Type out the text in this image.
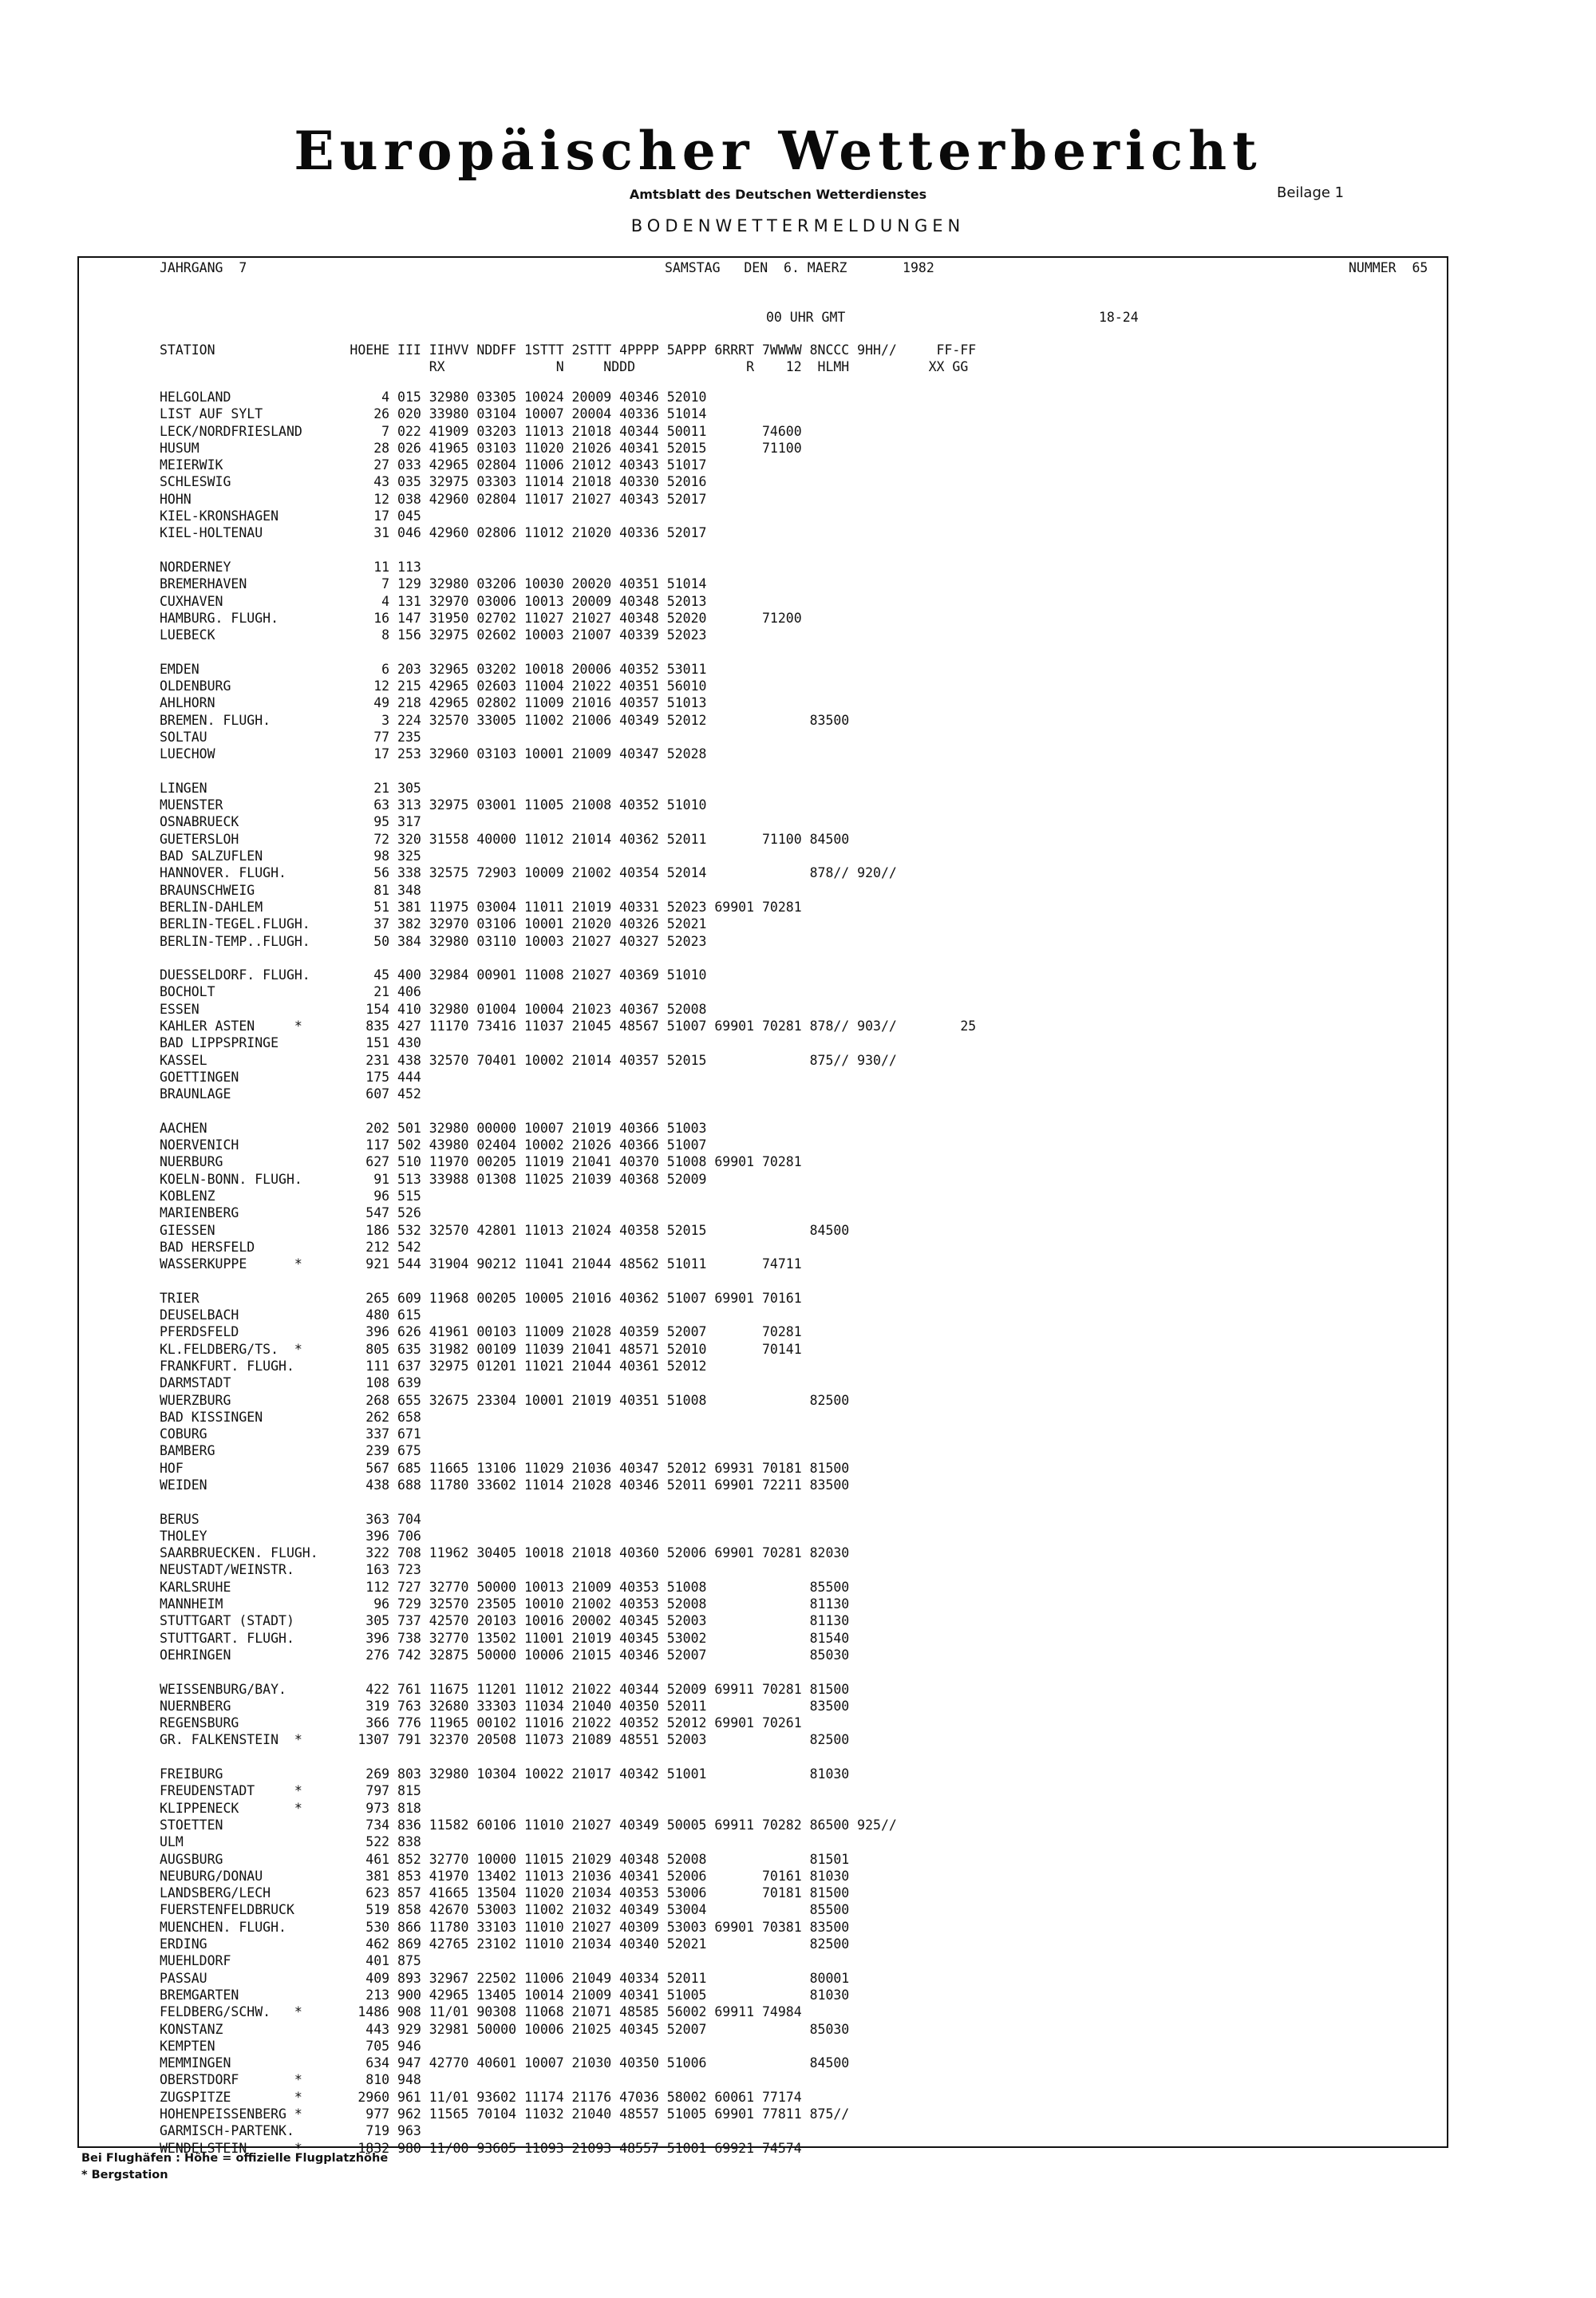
Europäischer Wetterbericht
Amtsblatt des Deutschen Wetterdienstes	Beilage 1
BODENWETTERMELDUNGEN
JAHRGANG  7	SAMSTAG   DEN  6. MAERZ       1982	NUMMER  65
00 UHR GMT	18-24
STATION                 HOEHE III IIHVV NDDFF 1STTT 2STTT 4PPPP 5APPP 6RRRT 7WWWW 8NCCC 9HH//     FF-FF
RX              N     NDDD              R    12  HLMH          XX GG
HELGOLAND                   4 015 32980 03305 10024 20009 40346 52010
LIST AUF SYLT              26 020 33980 03104 10007 20004 40336 51014
LECK/NORDFRIESLAND          7 022 41909 03203 11013 21018 40344 50011       74600
HUSUM                      28 026 41965 03103 11020 21026 40341 52015       71100
MEIERWIK                   27 033 42965 02804 11006 21012 40343 51017
SCHLESWIG                  43 035 32975 03303 11014 21018 40330 52016
HOHN                       12 038 42960 02804 11017 21027 40343 52017
KIEL-KRONSHAGEN            17 045
KIEL-HOLTENAU              31 046 42960 02806 11012 21020 40336 52017
NORDERNEY                  11 113
BREMERHAVEN                 7 129 32980 03206 10030 20020 40351 51014
CUXHAVEN                    4 131 32970 03006 10013 20009 40348 52013
HAMBURG. FLUGH.            16 147 31950 02702 11027 21027 40348 52020       71200
LUEBECK                     8 156 32975 02602 10003 21007 40339 52023
EMDEN                       6 203 32965 03202 10018 20006 40352 53011
OLDENBURG                  12 215 42965 02603 11004 21022 40351 56010
AHLHORN                    49 218 42965 02802 11009 21016 40357 51013
BREMEN. FLUGH.              3 224 32570 33005 11002 21006 40349 52012             83500
SOLTAU                     77 235
LUECHOW                    17 253 32960 03103 10001 21009 40347 52028
LINGEN                     21 305
MUENSTER                   63 313 32975 03001 11005 21008 40352 51010
OSNABRUECK                 95 317
GUETERSLOH                 72 320 31558 40000 11012 21014 40362 52011       71100 84500
BAD SALZUFLEN              98 325
HANNOVER. FLUGH.           56 338 32575 72903 10009 21002 40354 52014             878// 920//
BRAUNSCHWEIG               81 348
BERLIN-DAHLEM              51 381 11975 03004 11011 21019 40331 52023 69901 70281
BERLIN-TEGEL.FLUGH.        37 382 32970 03106 10001 21020 40326 52021
BERLIN-TEMP..FLUGH.        50 384 32980 03110 10003 21027 40327 52023
DUESSELDORF. FLUGH.        45 400 32984 00901 11008 21027 40369 51010
BOCHOLT                    21 406
ESSEN                     154 410 32980 01004 10004 21023 40367 52008
KAHLER ASTEN     *        835 427 11170 73416 11037 21045 48567 51007 69901 70281 878// 903//        25
BAD LIPPSPRINGE           151 430
KASSEL                    231 438 32570 70401 10002 21014 40357 52015             875// 930//
GOETTINGEN                175 444
BRAUNLAGE                 607 452
AACHEN                    202 501 32980 00000 10007 21019 40366 51003
NOERVENICH                117 502 43980 02404 10002 21026 40366 51007
NUERBURG                  627 510 11970 00205 11019 21041 40370 51008 69901 70281
KOELN-BONN. FLUGH.         91 513 33988 01308 11025 21039 40368 52009
KOBLENZ                    96 515
MARIENBERG                547 526
GIESSEN                   186 532 32570 42801 11013 21024 40358 52015             84500
BAD HERSFELD              212 542
WASSERKUPPE      *        921 544 31904 90212 11041 21044 48562 51011       74711
TRIER                     265 609 11968 00205 10005 21016 40362 51007 69901 70161
DEUSELBACH                480 615
PFERDSFELD                396 626 41961 00103 11009 21028 40359 52007       70281
KL.FELDBERG/TS.  *        805 635 31982 00109 11039 21041 48571 52010       70141
FRANKFURT. FLUGH.         111 637 32975 01201 11021 21044 40361 52012
DARMSTADT                 108 639
WUERZBURG                 268 655 32675 23304 10001 21019 40351 51008             82500
BAD KISSINGEN             262 658
COBURG                    337 671
BAMBERG                   239 675
HOF                       567 685 11665 13106 11029 21036 40347 52012 69931 70181 81500
WEIDEN                    438 688 11780 33602 11014 21028 40346 52011 69901 72211 83500
BERUS                     363 704
THOLEY                    396 706
SAARBRUECKEN. FLUGH.      322 708 11962 30405 10018 21018 40360 52006 69901 70281 82030
NEUSTADT/WEINSTR.         163 723
KARLSRUHE                 112 727 32770 50000 10013 21009 40353 51008             85500
MANNHEIM                   96 729 32570 23505 10010 21002 40353 52008             81130
STUTTGART (STADT)         305 737 42570 20103 10016 20002 40345 52003             81130
STUTTGART. FLUGH.         396 738 32770 13502 11001 21019 40345 53002             81540
OEHRINGEN                 276 742 32875 50000 10006 21015 40346 52007             85030
WEISSENBURG/BAY.          422 761 11675 11201 11012 21022 40344 52009 69911 70281 81500
NUERNBERG                 319 763 32680 33303 11034 21040 40350 52011             83500
REGENSBURG                366 776 11965 00102 11016 21022 40352 52012 69901 70261
GR. FALKENSTEIN  *       1307 791 32370 20508 11073 21089 48551 52003             82500
FREIBURG                  269 803 32980 10304 10022 21017 40342 51001             81030
FREUDENSTADT     *        797 815
KLIPPENECK       *        973 818
STOETTEN                  734 836 11582 60106 11010 21027 40349 50005 69911 70282 86500 925//
ULM                       522 838
AUGSBURG                  461 852 32770 10000 11015 21029 40348 52008             81501
NEUBURG/DONAU             381 853 41970 13402 11013 21036 40341 52006       70161 81030
LANDSBERG/LECH            623 857 41665 13504 11020 21034 40353 53006       70181 81500
FUERSTENFELDBRUCK         519 858 42670 53003 11002 21032 40349 53004             85500
MUENCHEN. FLUGH.          530 866 11780 33103 11010 21027 40309 53003 69901 70381 83500
ERDING                    462 869 42765 23102 11010 21034 40340 52021             82500
MUEHLDORF                 401 875
PASSAU                    409 893 32967 22502 11006 21049 40334 52011             80001
BREMGARTEN                213 900 42965 13405 10014 21009 40341 51005             81030
FELDBERG/SCHW.   *       1486 908 11/01 90308 11068 21071 48585 56002 69911 74984
KONSTANZ                  443 929 32981 50000 10006 21025 40345 52007             85030
KEMPTEN                   705 946
MEMMINGEN                 634 947 42770 40601 10007 21030 40350 51006             84500
OBERSTDORF       *        810 948
ZUGSPITZE        *       2960 961 11/01 93602 11174 21176 47036 58002 60061 77174
HOHENPEISSENBERG *        977 962 11565 70104 11032 21040 48557 51005 69901 77811 875//
GARMISCH-PARTENK.         719 963
WENDELSTEIN      *       1832 980 11/00 93605 11093 21093 48557 51001 69921 74574
Bei Flughäfen : Höhe = offizielle Flugplatzhöhe
* Bergstation
